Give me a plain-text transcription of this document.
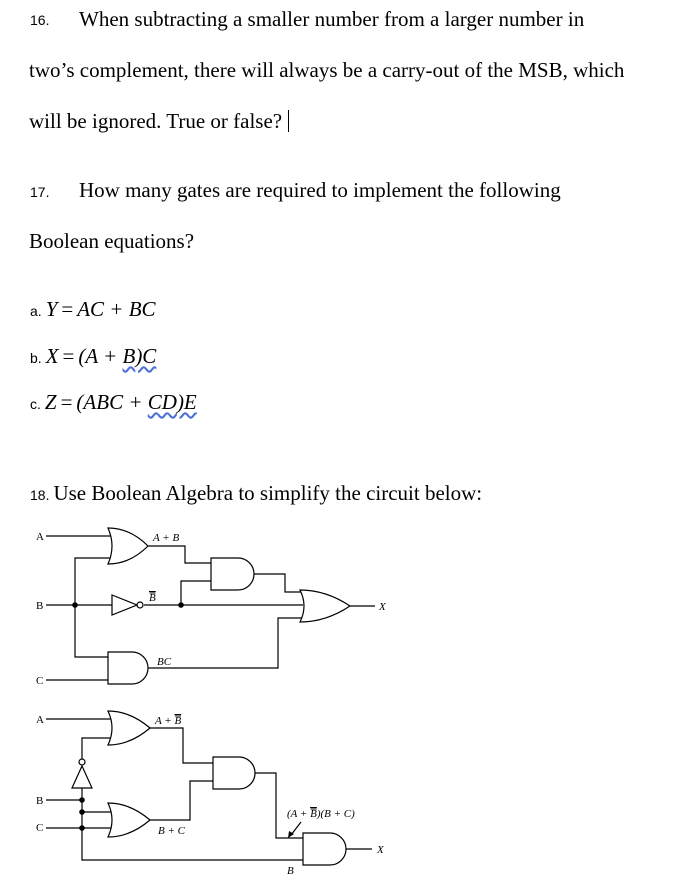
16. When subtracting a smaller number from a larger number in
two’s complement, there will always be a carry-out of the MSB, which
will be ignored. True or false?
17. How many gates are required to implement the following
Boolean equations?
a. Y = AC + BC
b. X = (A + B)C
c. Z = (ABC + CD)E
18. Use Boolean Algebra to simplify the circuit below:
A
B
C
A + B
B
BC
X
A
B
C
A + B
B + C
(A + B)(B + C)
B
X
